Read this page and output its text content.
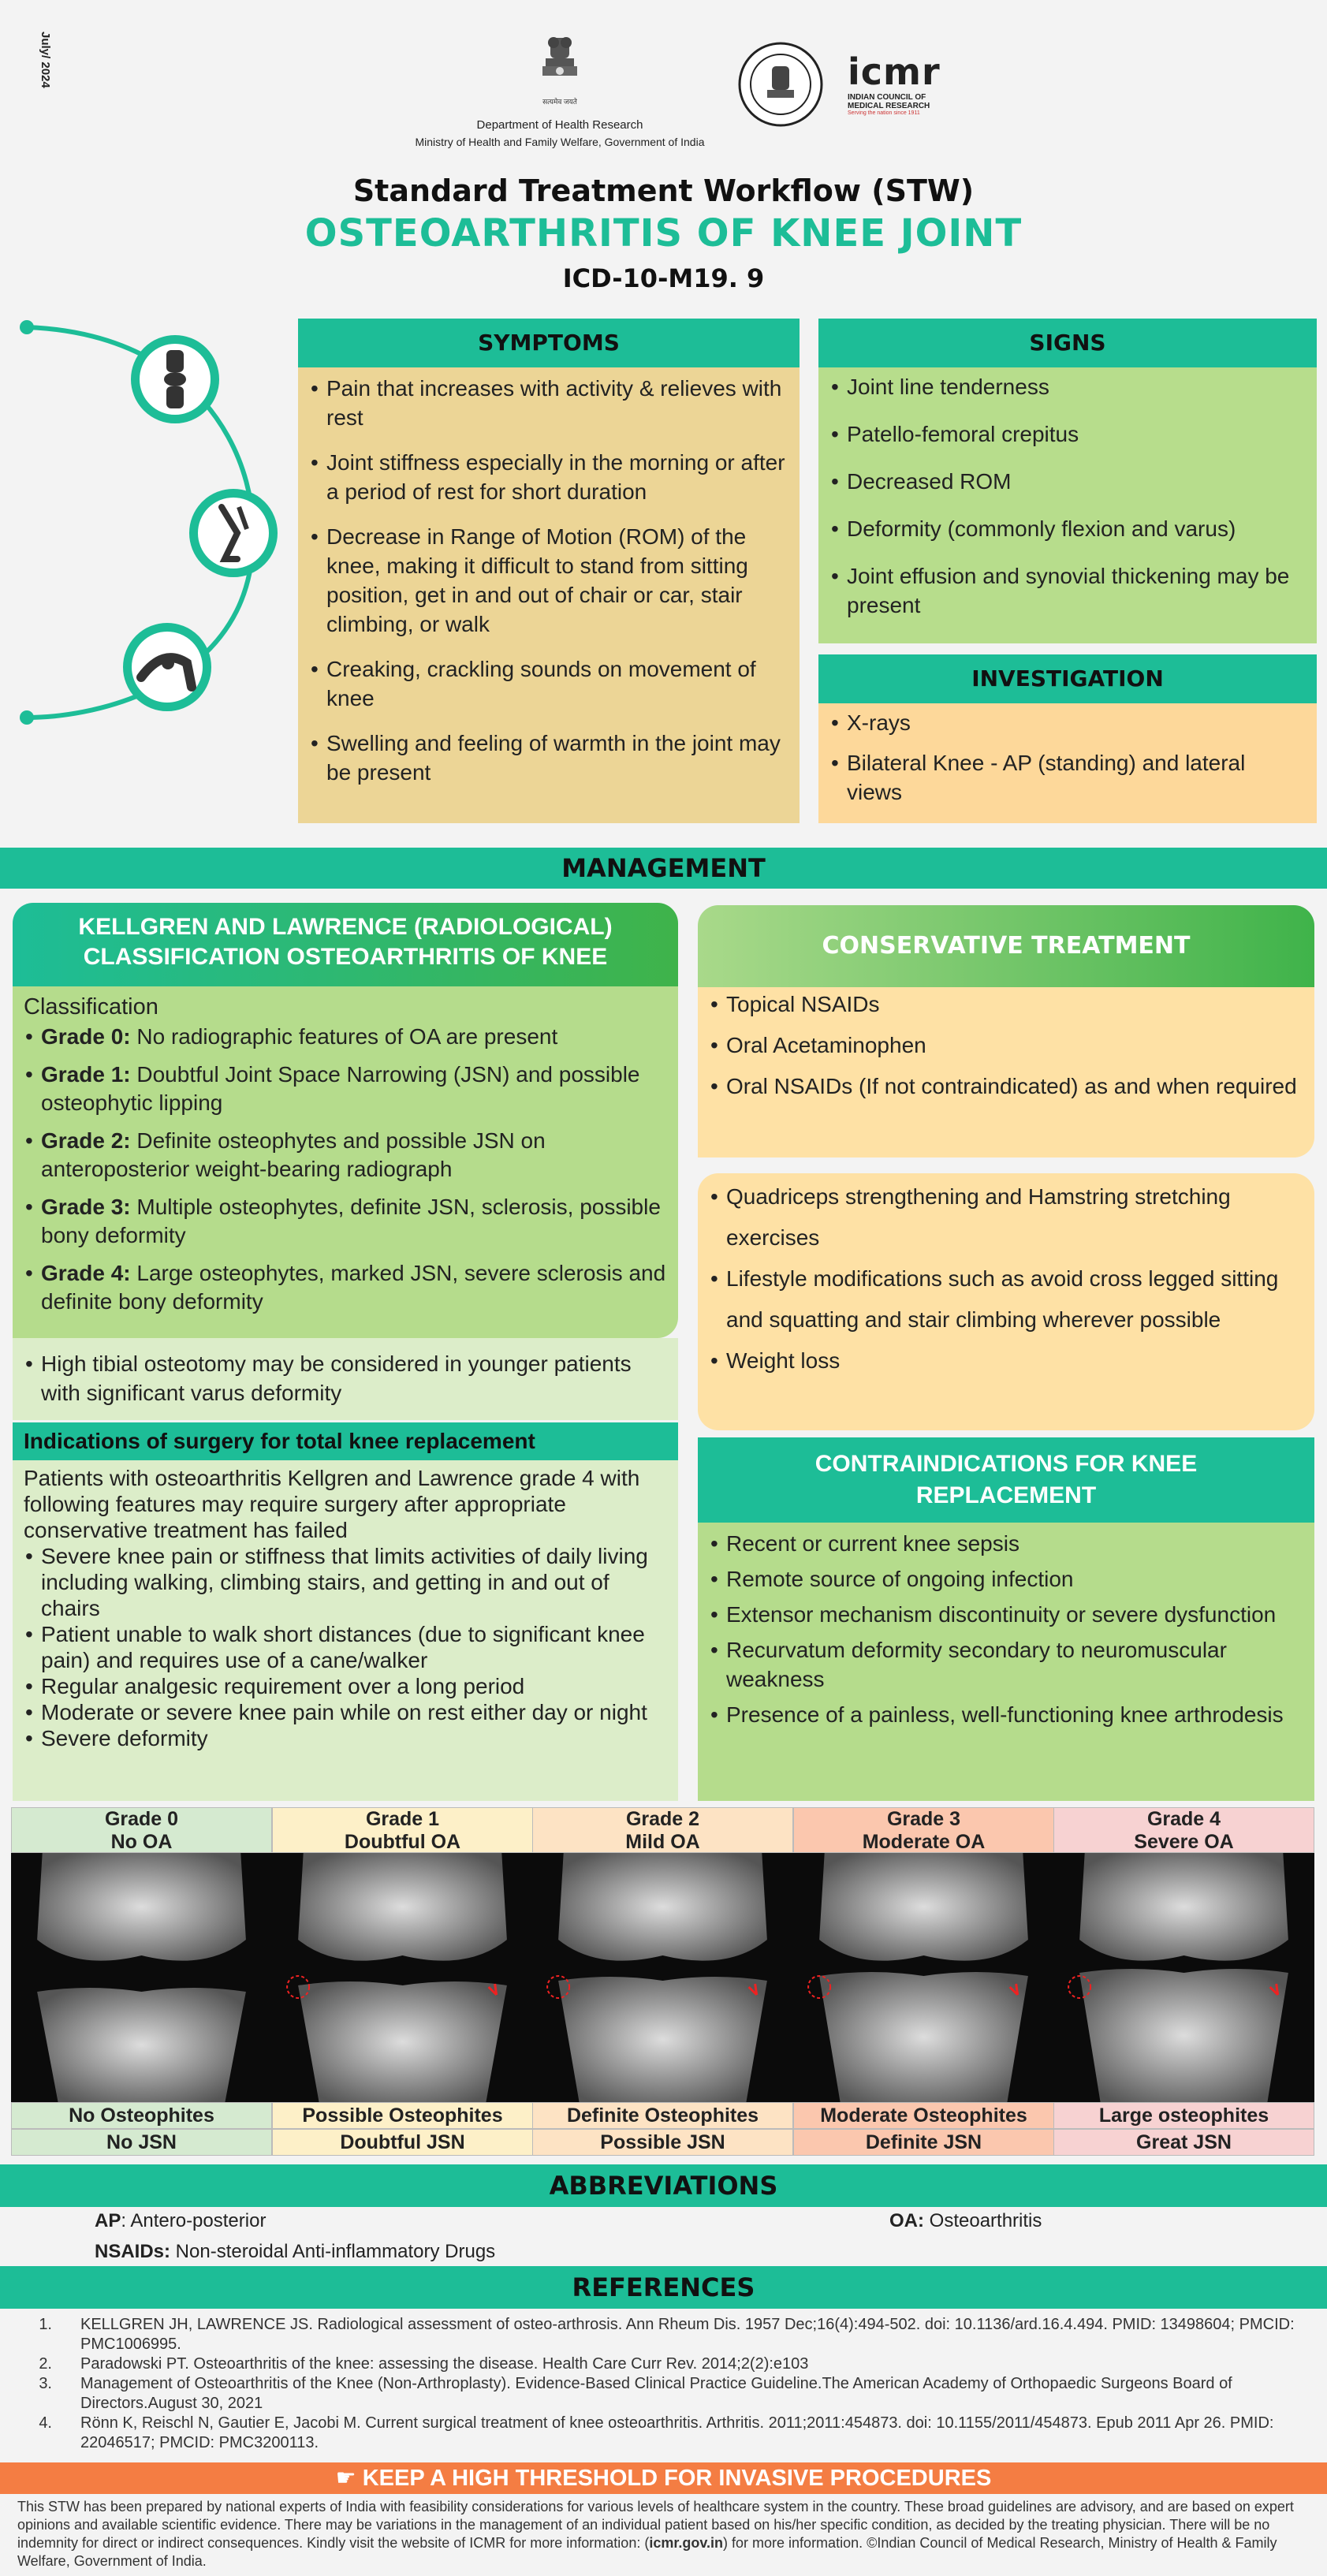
July/ 2024
सत्यमेव जयते
Department of Health Research
Ministry of Health and Family Welfare, Government of India
icmr
INDIAN COUNCIL OF
MEDICAL RESEARCH
Serving the nation since 1911
Standard Treatment Workflow (STW)
OSTEOARTHRITIS OF KNEE JOINT
ICD-10-M19. 9
SYMPTOMS
• Pain that increases with activity & relieves with rest
• Joint stiffness especially in the morning or after a period of rest for short duration
• Decrease in Range of Motion (ROM) of the knee, making it difficult to stand from sitting position, get in and out of chair or car, stair climbing, or walk
• Creaking, crackling sounds on movement of knee
• Swelling and feeling of warmth in the joint may be present
SIGNS
• Joint line tenderness
• Patello-femoral crepitus
• Decreased ROM
• Deformity (commonly flexion and varus)
• Joint effusion and synovial thickening may be present
INVESTIGATION
• X-rays
• Bilateral Knee - AP (standing) and lateral views
MANAGEMENT
KELLGREN AND LAWRENCE (RADIOLOGICAL) CLASSIFICATION OSTEOARTHRITIS OF KNEE
Classification
• Grade 0: No radiographic features of OA are present
• Grade 1: Doubtful Joint Space Narrowing (JSN) and possible osteophytic lipping
• Grade 2: Definite osteophytes and possible JSN on anteroposterior weight-bearing radiograph
• Grade 3: Multiple osteophytes, definite JSN, sclerosis, possible bony deformity
• Grade 4: Large osteophytes, marked JSN, severe sclerosis and definite bony deformity
• High tibial osteotomy may be considered in younger patients with significant varus deformity
Indications of surgery for total knee replacement
Patients with osteoarthritis Kellgren and Lawrence grade 4 with following features may require surgery after appropriate conservative treatment has failed
• Severe knee pain or stiffness that limits activities of daily living including walking, climbing stairs, and getting in and out of chairs
• Patient unable to walk short distances (due to significant knee pain) and requires use of a cane/walker
• Regular analgesic requirement over a long period
• Moderate or severe knee pain while on rest either day or night
• Severe deformity
CONSERVATIVE TREATMENT
• Topical NSAIDs
• Oral Acetaminophen
• Oral NSAIDs (If not contraindicated) as and when required
• Quadriceps strengthening and Hamstring stretching exercises
• Lifestyle modifications such as avoid cross legged sitting and squatting and stair climbing wherever possible
• Weight loss
CONTRAINDICATIONS FOR KNEE REPLACEMENT
• Recent or current knee sepsis
• Remote source of ongoing infection
• Extensor mechanism discontinuity or severe dysfunction
• Recurvatum deformity secondary to neuromuscular weakness
• Presence of a painless, well-functioning knee arthrodesis
Grade 0
No OA
No Osteophites
No JSN
Grade 1
Doubtful OA
Possible Osteophites
Doubtful JSN
Grade 2
Mild OA
Definite Osteophites
Possible JSN
Grade 3
Moderate OA
Moderate Osteophites
Definite JSN
Grade 4
Severe OA
Large osteophites
Great JSN
ABBREVIATIONS
AP: Antero-posterior	OA: Osteoarthritis
NSAIDs: Non-steroidal Anti-inflammatory Drugs
REFERENCES
1. KELLGREN JH, LAWRENCE JS. Radiological assessment of osteo-arthrosis. Ann Rheum Dis. 1957 Dec;16(4):494-502. doi: 10.1136/ard.16.4.494. PMID: 13498604; PMCID: PMC1006995.
2. Paradowski PT. Osteoarthritis of the knee: assessing the disease. Health Care Curr Rev. 2014;2(2):e103
3. Management of Osteoarthritis of the Knee (Non-Arthroplasty). Evidence-Based Clinical Practice Guideline.The American Academy of Orthopaedic Surgeons Board of Directors.August 30, 2021
4. Rönn K, Reischl N, Gautier E, Jacobi M. Current surgical treatment of knee osteoarthritis. Arthritis. 2011;2011:454873. doi: 10.1155/2011/454873. Epub 2011 Apr 26. PMID: 22046517; PMCID: PMC3200113.
☛ KEEP A HIGH THRESHOLD FOR INVASIVE PROCEDURES
This STW has been prepared by national experts of India with feasibility considerations for various levels of healthcare system in the country. These broad guidelines are advisory, and are based on expert opinions and available scientific evidence. There may be variations in the management of an individual patient based on his/her specific condition, as decided by the treating physician. There will be no indemnity for direct or indirect consequences. Kindly visit the website of ICMR for more information: (icmr.gov.in) for more information. ©Indian Council of Medical Research, Ministry of Health & Family Welfare, Government of India.
